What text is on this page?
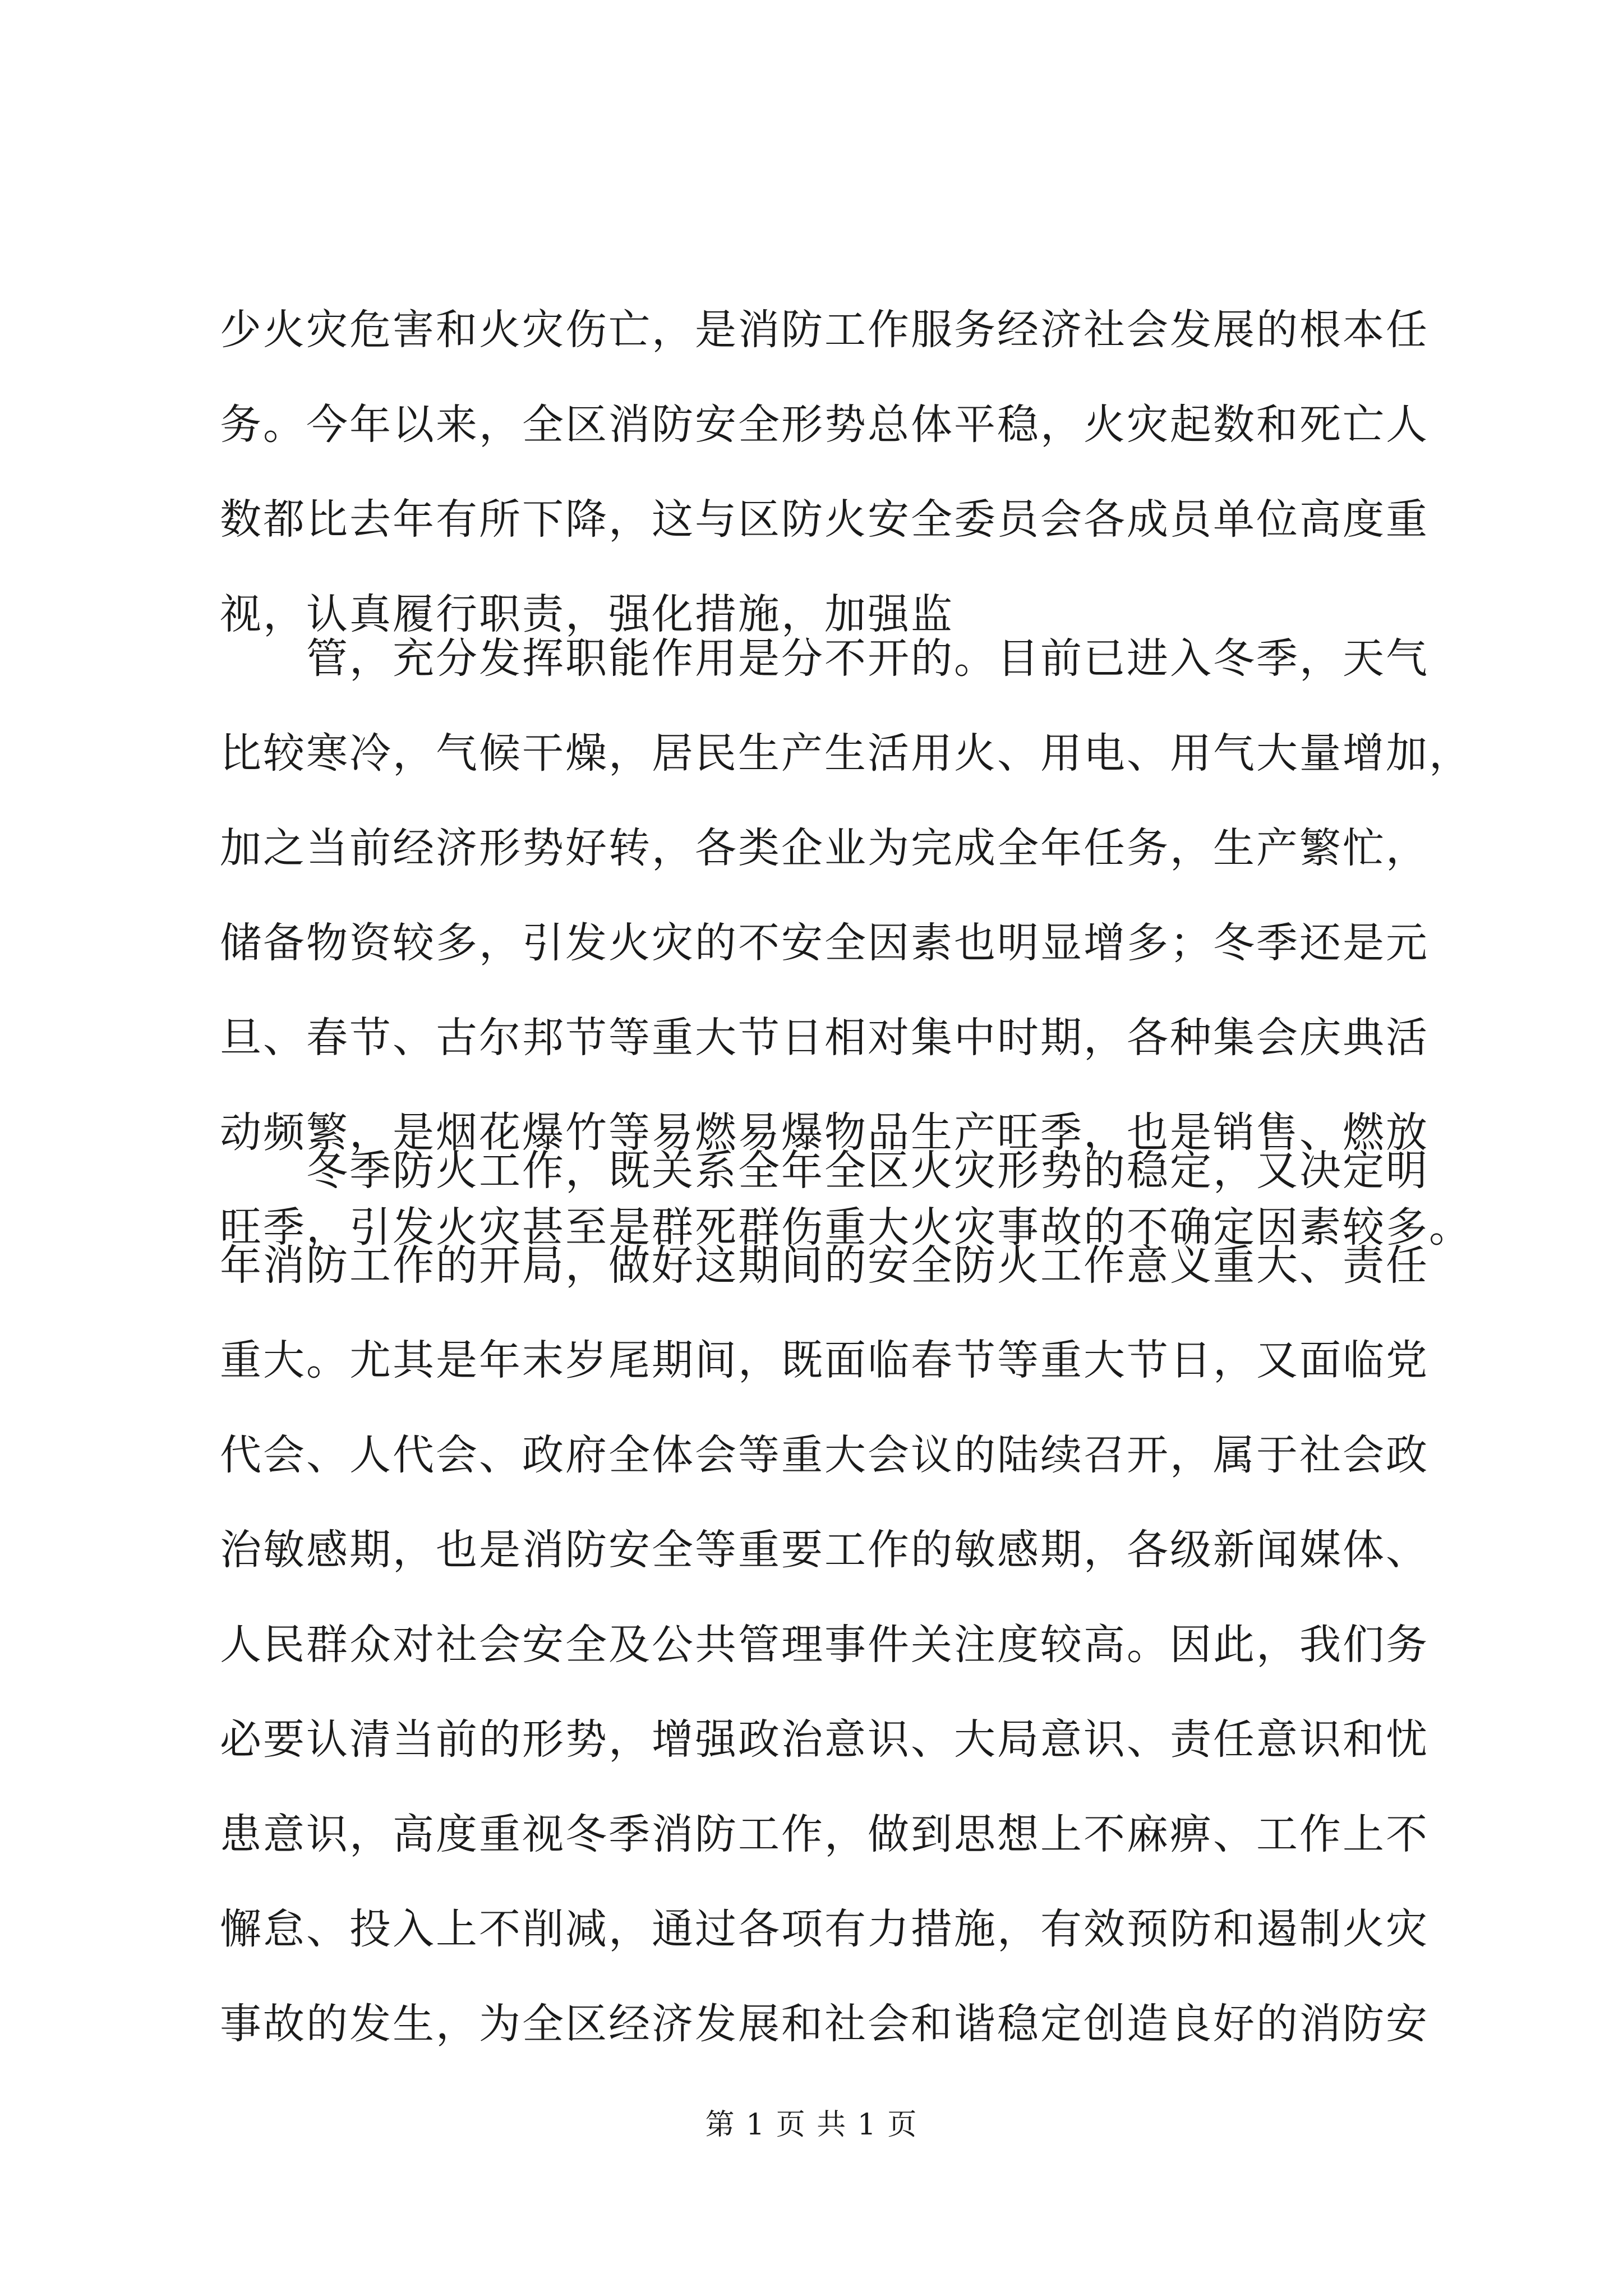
少火灾危害和火灾伤亡，是消防工作服务经济社会发展的根本任
务。今年以来，全区消防安全形势总体平稳，火灾起数和死亡人
数都比去年有所下降，这与区防火安全委员会各成员单位高度重
视，认真履行职责，强化措施，加强监
　　管，充分发挥职能作用是分不开的。目前已进入冬季，天气
比较寒冷，气候干燥，居民生产生活用火、用电、用气大量增加，
加之当前经济形势好转，各类企业为完成全年任务，生产繁忙，
储备物资较多，引发火灾的不安全因素也明显增多；冬季还是元
旦、春节、古尔邦节等重大节日相对集中时期，各种集会庆典活
动频繁，是烟花爆竹等易燃易爆物品生产旺季，也是销售、燃放
旺季，引发火灾甚至是群死群伤重大火灾事故的不确定因素较多。
　　冬季防火工作，既关系全年全区火灾形势的稳定，又决定明
年消防工作的开局，做好这期间的安全防火工作意义重大、责任
重大。尤其是年末岁尾期间，既面临春节等重大节日，又面临党
代会、人代会、政府全体会等重大会议的陆续召开，属于社会政
治敏感期，也是消防安全等重要工作的敏感期，各级新闻媒体、
人民群众对社会安全及公共管理事件关注度较高。因此，我们务
必要认清当前的形势，增强政治意识、大局意识、责任意识和忧
患意识，高度重视冬季消防工作，做到思想上不麻痹、工作上不
懈怠、投入上不削减，通过各项有力措施，有效预防和遏制火灾
事故的发生，为全区经济发展和社会和谐稳定创造良好的消防安
第 1 页 共 1 页
